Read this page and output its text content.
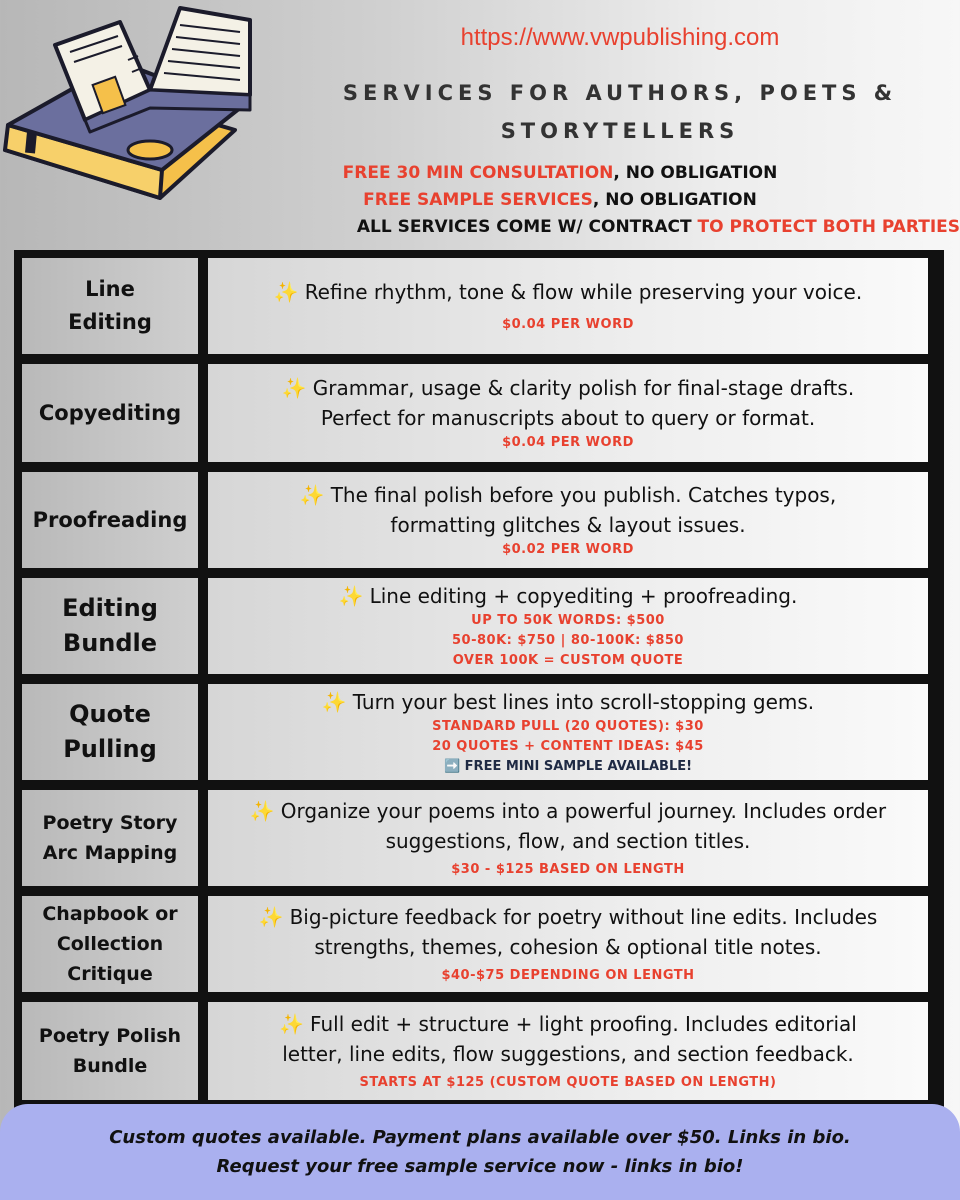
https://www.vwpublishing.com
SERVICES FOR AUTHORS, POETS &
STORYTELLERS
FREE 30 MIN CONSULTATION, NO OBLIGATION
FREE SAMPLE SERVICES, NO OBLIGATION
ALL SERVICES COME W/ CONTRACT TO PROTECT BOTH PARTIES
Line
Editing
✨ Refine rhythm, tone & flow while preserving your voice.
$0.04 PER WORD
Copyediting
✨ Grammar, usage & clarity polish for final-stage drafts.
Perfect for manuscripts about to query or format.
$0.04 PER WORD
Proofreading
✨ The final polish before you publish. Catches typos,
formatting glitches & layout issues.
$0.02 PER WORD
Editing
Bundle
✨ Line editing + copyediting + proofreading.
UP TO 50K WORDS: $500
50-80K: $750 | 80-100K: $850
OVER 100K = CUSTOM QUOTE
Quote
Pulling
✨ Turn your best lines into scroll-stopping gems.
STANDARD PULL (20 QUOTES): $30
20 QUOTES + CONTENT IDEAS: $45
➡️ FREE MINI SAMPLE AVAILABLE!
Poetry Story
Arc Mapping
✨ Organize your poems into a powerful journey. Includes order
suggestions, flow, and section titles.
$30 - $125 BASED ON LENGTH
Chapbook or
Collection
Critique
✨ Big-picture feedback for poetry without line edits. Includes
strengths, themes, cohesion & optional title notes.
$40-$75 DEPENDING ON LENGTH
Poetry Polish
Bundle
✨ Full edit + structure + light proofing. Includes editorial
letter, line edits, flow suggestions, and section feedback.
STARTS AT $125 (CUSTOM QUOTE BASED ON LENGTH)
Custom quotes available. Payment plans available over $50. Links in bio.
Request your free sample service now - links in bio!
